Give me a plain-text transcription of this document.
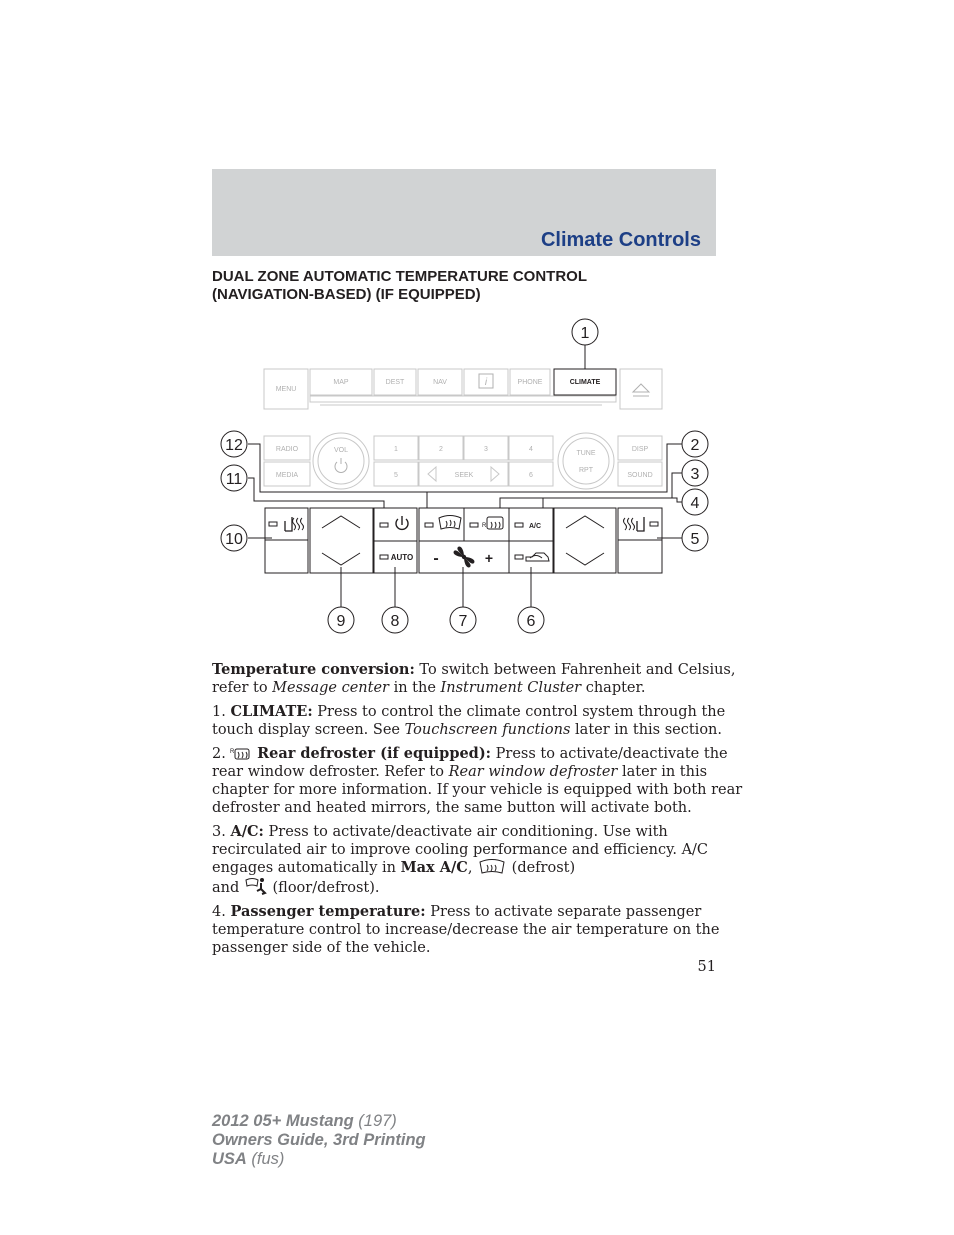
Climate Controls
DUAL ZONE AUTOMATIC TEMPERATURE CONTROL
(NAVIGATION-BASED) (IF EQUIPPED)
MENU
MAP	DEST	NAV	i	PHONE	CLIMATE
RADIO
MEDIA
VOL	1	2	3	4
5	SEEK	6
TUNE
RPT
DISP
SOUND
AUTO
R
-	+
A/C
1
2
3
4
5
6
7
8
9
10
11
12
Temperature conversion: To switch between Fahrenheit and Celsius,
refer to Message center in the Instrument Cluster chapter.
1. CLIMATE: Press to control the climate control system through the
touch display screen. See Touchscreen functions later in this section.
2. R Rear defroster (if equipped): Press to activate/deactivate the
rear window defroster. Refer to Rear window defroster later in this
chapter for more information. If your vehicle is equipped with both rear
defroster and heated mirrors, the same button will activate both.
3. A/C: Press to activate/deactivate air conditioning. Use with
recirculated air to improve cooling performance and efficiency. A/C
engages automatically in Max A/C,	(defrost)
and (floor/defrost).
4. Passenger temperature: Press to activate separate passenger
temperature control to increase/decrease the air temperature on the
passenger side of the vehicle.
51
2012 05+ Mustang (197)
Owners Guide, 3rd Printing
USA (fus)
